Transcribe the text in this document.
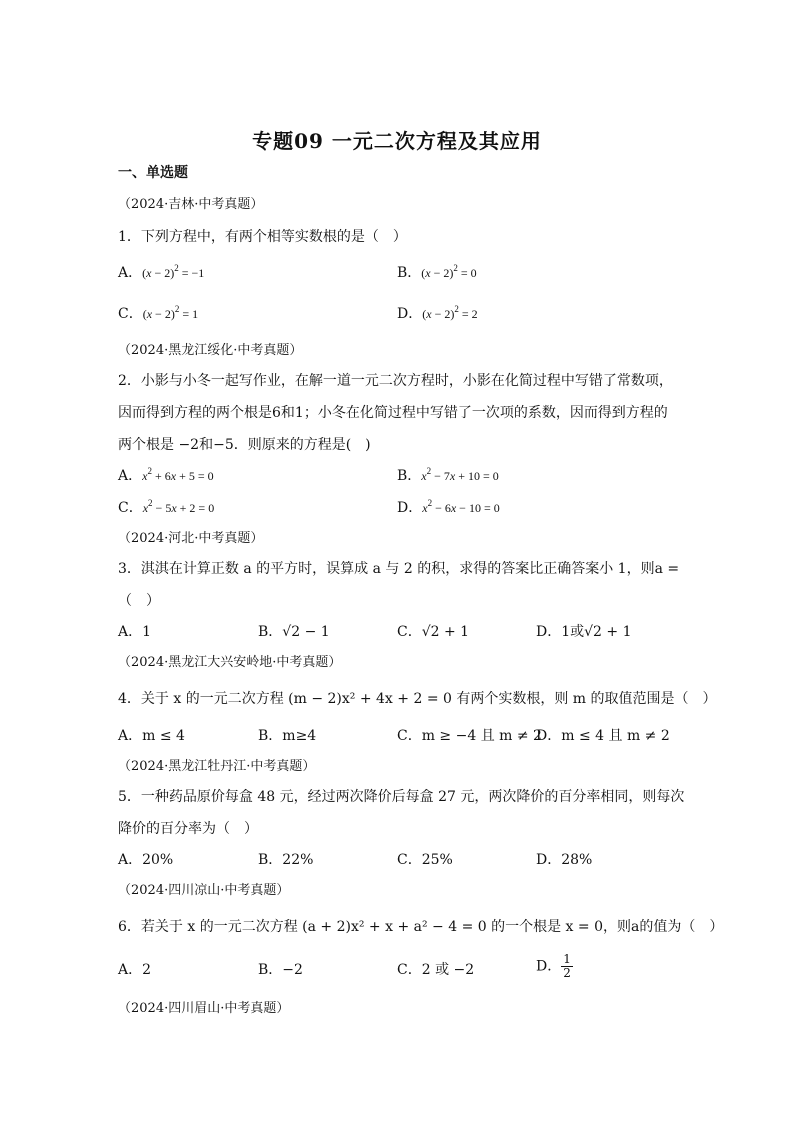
专题09 一元二次方程及其应用
一、单选题
（2024·吉林·中考真题）
1．下列方程中，有两个相等实数根的是（　）
A．$(x - 2)^2 = -1$	B．$(x - 2)^2 = 0$
C．$(x - 2)^2 = 1$	D．$(x - 2)^2 = 2$
（2024·黑龙江绥化·中考真题）
2．小影与小冬一起写作业，在解一道一元二次方程时，小影在化简过程中写错了常数项，
因而得到方程的两个根是6和1；小冬在化简过程中写错了一次项的系数，因而得到方程的
两个根是 −2和−5．则原来的方程是(　)
A．$x^2 + 6x + 5 = 0$	B．$x^2 - 7x + 10 = 0$
C．$x^2 - 5x + 2 = 0$	D．$x^2 - 6x - 10 = 0$
（2024·河北·中考真题）
3．淇淇在计算正数 a 的平方时，误算成 a 与 2 的积，求得的答案比正确答案小 1，则a =
（　）
A．1	B．√2 − 1	C．√2 + 1	D．1或√2 + 1
（2024·黑龙江大兴安岭地·中考真题）
4．关于 x 的一元二次方程 (m − 2)x² + 4x + 2 = 0 有两个实数根，则 m 的取值范围是（　）
A．m ≤ 4	B．m≥4	C．m ≥ −4 且 m ≠ 2
D．m ≤ 4 且 m ≠ 2
（2024·黑龙江牡丹江·中考真题）
5．一种药品原价每盒 48 元，经过两次降价后每盒 27 元，两次降价的百分率相同，则每次
降价的百分率为（　）
A．20%	B．22%	C．25%	D．28%
（2024·四川凉山·中考真题）
6．若关于 x 的一元二次方程 (a + 2)x² + x + a² − 4 = 0 的一个根是 x = 0，则a的值为（　）
A．2	B．−2	C．2 或 −2	D． $\frac{1}{2}$
（2024·四川眉山·中考真题）
